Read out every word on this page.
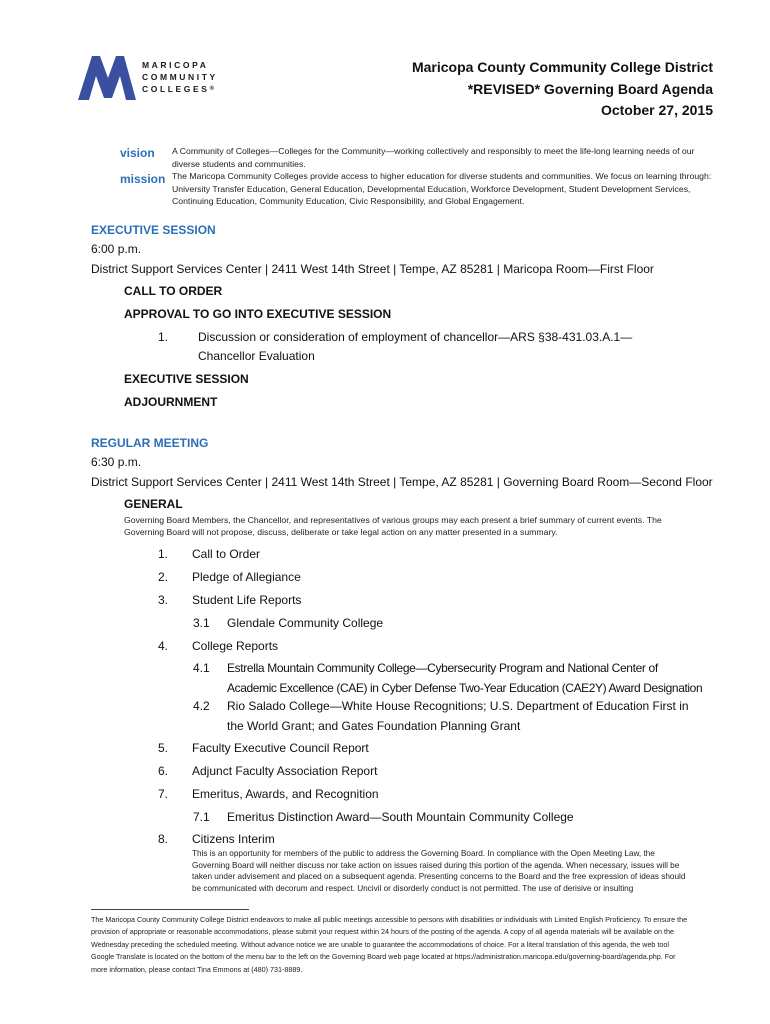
MARICOPA
COMMUNITY
COLLEGES®
Maricopa County Community College District
*REVISED* Governing Board Agenda
October 27, 2015
vision A Community of Colleges—Colleges for the Community—working collectively and responsibly to meet the life-long learning needs of our diverse students and communities.
mission The Maricopa Community Colleges provide access to higher education for diverse students and communities. We focus on learning through: University Transfer Education, General Education, Developmental Education, Workforce Development, Student Development Services, Continuing Education, Community Education, Civic Responsibility, and Global Engagement.
EXECUTIVE SESSION
6:00 p.m.
District Support Services Center | 2411 West 14th Street | Tempe, AZ 85281 | Maricopa Room—First Floor
CALL TO ORDER
APPROVAL TO GO INTO EXECUTIVE SESSION
1. Discussion or consideration of employment of chancellor—ARS §38-431.03.A.1—
Chancellor Evaluation
EXECUTIVE SESSION
ADJOURNMENT
REGULAR MEETING
6:30 p.m.
District Support Services Center | 2411 West 14th Street | Tempe, AZ 85281 | Governing Board Room—Second Floor
GENERAL
Governing Board Members, the Chancellor, and representatives of various groups may each present a brief summary of current events. The Governing Board will not propose, discuss, deliberate or take legal action on any matter presented in a summary.
1. Call to Order
2. Pledge of Allegiance
3. Student Life Reports
3.1 Glendale Community College
4. College Reports
4.1 Estrella Mountain Community College—Cybersecurity Program and National Center of
Academic Excellence (CAE) in Cyber Defense Two-Year Education (CAE2Y) Award Designation
4.2 Rio Salado College—White House Recognitions; U.S. Department of Education First in
the World Grant; and Gates Foundation Planning Grant
5. Faculty Executive Council Report
6. Adjunct Faculty Association Report
7. Emeritus, Awards, and Recognition
7.1 Emeritus Distinction Award—South Mountain Community College
8. Citizens Interim
This is an opportunity for members of the public to address the Governing Board. In compliance with the Open Meeting Law, the Governing Board will neither discuss nor take action on issues raised during this portion of the agenda. When necessary, issues will be taken under advisement and placed on a subsequent agenda. Presenting concerns to the Board and the free expression of ideas should be communicated with decorum and respect. Uncivil or disorderly conduct is not permitted. The use of derisive or insulting
The Maricopa County Community College District endeavors to make all public meetings accessible to persons with disabilities or individuals with Limited English Proficiency. To ensure the provision of appropriate or reasonable accommodations, please submit your request within 24 hours of the posting of the agenda. A copy of all agenda materials will be available on the Wednesday preceding the scheduled meeting. Without advance notice we are unable to guarantee the accommodations of choice. For a literal translation of this agenda, the web tool Google Translate is located on the bottom of the menu bar to the left on the Governing Board web page located at https://administration.maricopa.edu/governing-board/agenda.php. For more information, please contact Tina Emmons at (480) 731-8889.
